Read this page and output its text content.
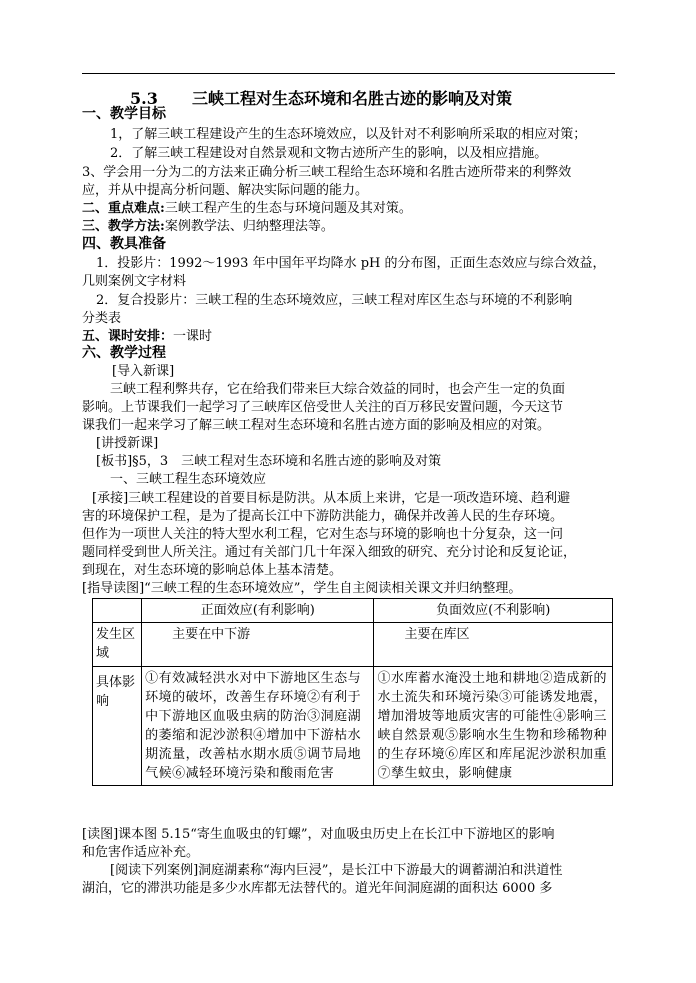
5.3 三峡工程对生态环境和名胜古迹的影响及对策
一、教学目标
1，了解三峡工程建设产生的生态环境效应，以及针对不利影响所采取的相应对策；
2．了解三峡工程建设对自然景观和文物古迹所产生的影响，以及相应措施。
3、学会用一分为二的方法来正确分析三峡工程给生态环境和名胜古迹所带来的利弊效
应，并从中提高分析问题、解决实际问题的能力。
二、重点难点:三峡工程产生的生态与环境问题及其对策。
三、教学方法:案例教学法、归纳整理法等。
四、教具准备
1．投影片：1992～1993 年中国年平均降水 pH 的分布图，正面生态效应与综合效益，
几则案例文字材料
2．复合投影片：三峡工程的生态环境效应，三峡工程对库区生态与环境的不利影响
分类表
五、课时安排：一课时
六、教学过程
[导入新课]
三峡工程利弊共存，它在给我们带来巨大综合效益的同时，也会产生一定的负面
影响。上节课我们一起学习了三峡库区倍受世人关注的百万移民安置问题，今天这节
课我们一起来学习了解三峡工程对生态环境和名胜古迹方面的影响及相应的对策。
[讲授新课]
[板书]§5，3　三峡工程对生态环境和名胜古迹的影响及对策
一、三峡工程生态环境效应
[承接]三峡工程建设的首要目标是防洪。从本质上来讲，它是一项改造环境、趋利避
害的环境保护工程，是为了提高长江中下游防洪能力，确保并改善人民的生存环境。
但作为一项世人关注的特大型水利工程，它对生态与环境的影响也十分复杂，这一问
题同样受到世人所关注。通过有关部门几十年深入细致的研究、充分讨论和反复论证，
到现在，对生态环境的影响总体上基本清楚。
[指导读图]“三峡工程的生态环境效应”，学生自主阅读相关课文并归纳整理。
	正面效应(有利影响)	负面效应(不利影响)
发生区域	主要在中下游	主要在库区
具体影响	①有效减轻洪水对中下游地区生态与环境的破坏，改善生存环境②有利于中下游地区血吸虫病的防治③洞庭湖的萎缩和泥沙淤积④增加中下游枯水期流量，改善枯水期水质⑤调节局地气候⑥减轻环境污染和酸雨危害	①水库蓄水淹没土地和耕地②造成新的水土流失和环境污染③可能诱发地震，增加滑坡等地质灾害的可能性④影响三峡自然景观⑤影响水生生物和珍稀物种的生存环境⑥库区和库尾泥沙淤积加重⑦孳生蚊虫，影响健康
[读图]课本图 5.15“寄生血吸虫的钉螺”，对血吸虫历史上在长江中下游地区的影响
和危害作适应补充。
[阅读下列案例]洞庭湖素称“海内巨浸”，是长江中下游最大的调蓄湖泊和洪道性
湖泊，它的滞洪功能是多少水库都无法替代的。道光年间洞庭湖的面积达 6000 多
